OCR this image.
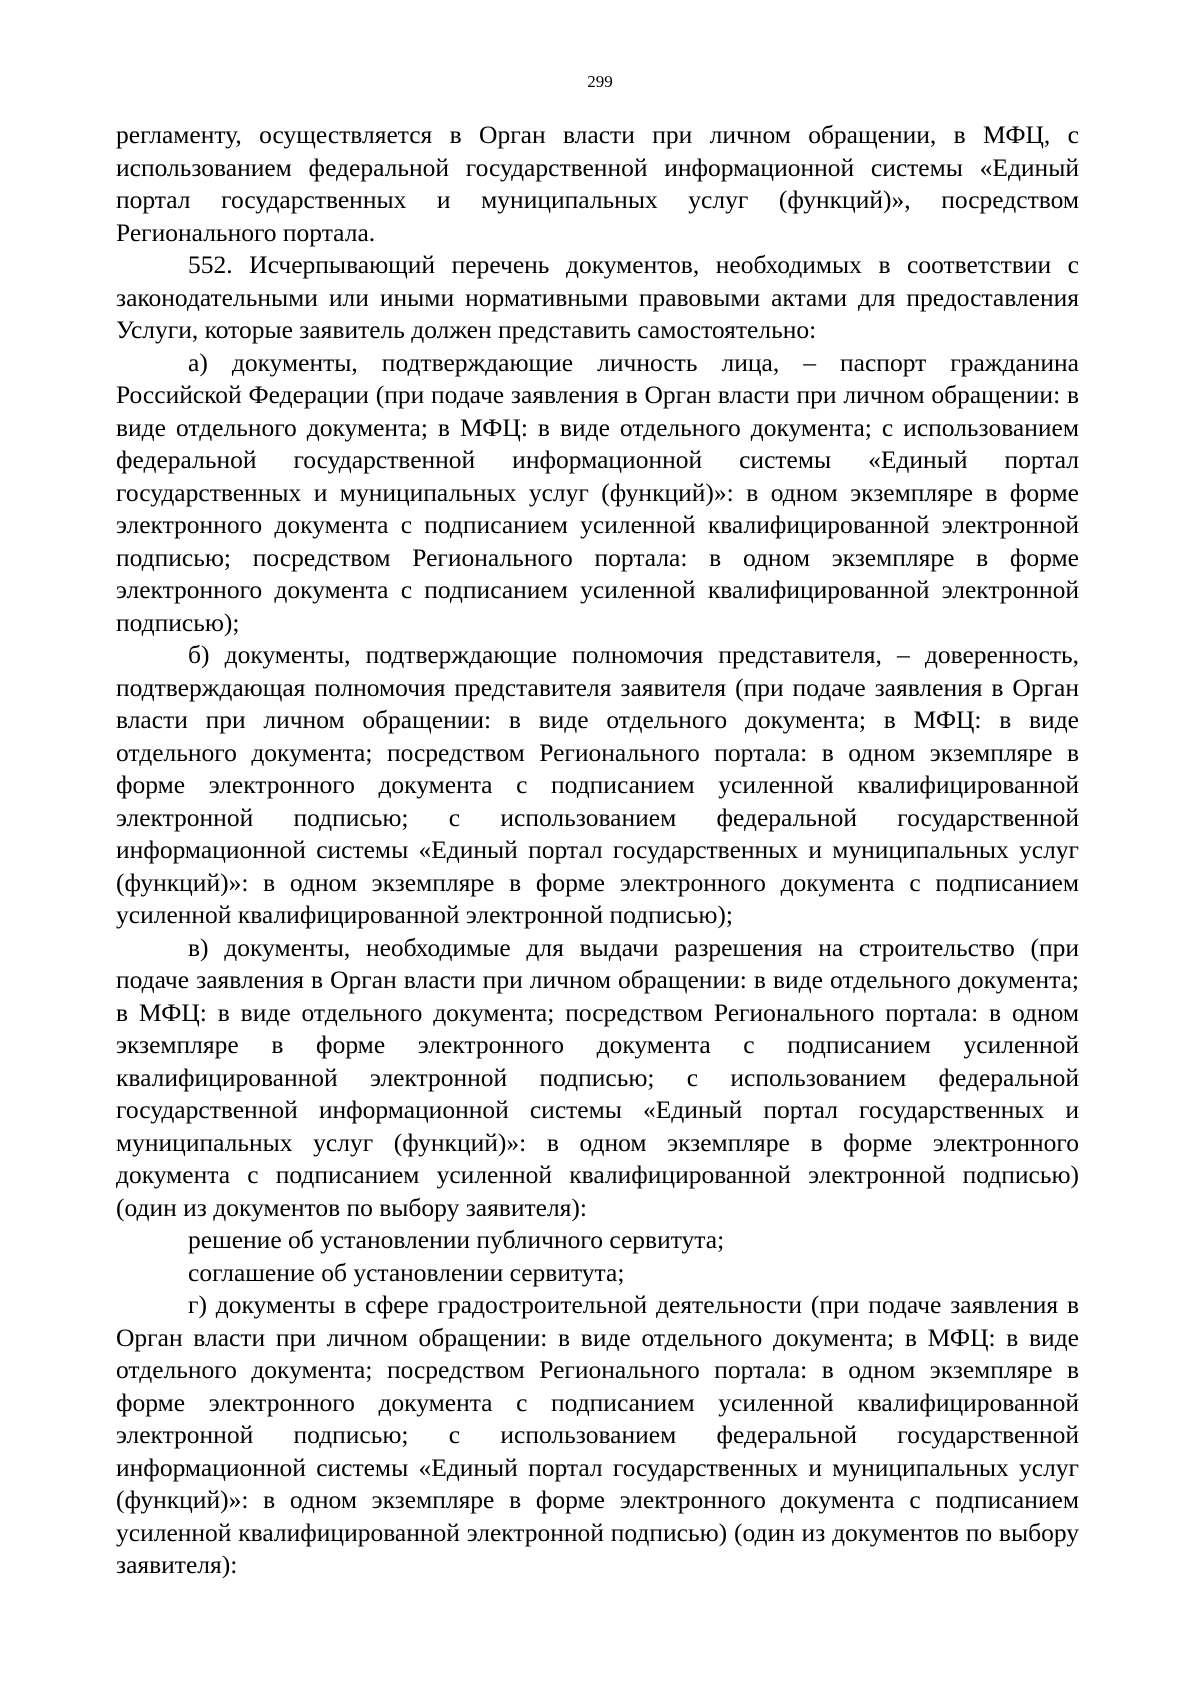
299

регламенту, осуществляется в Орган власти при личном обращении, в МФЦ, с использованием федеральной государственной информационной системы «Единый портал государственных и муниципальных услуг (функций)», посредством Регионального портала.

552. Исчерпывающий перечень документов, необходимых в соответствии с законодательными или иными нормативными правовыми актами для предоставления Услуги, которые заявитель должен представить самостоятельно:

а) документы, подтверждающие личность лица, – паспорт гражданина Российской Федерации (при подаче заявления в Орган власти при личном обращении: в виде отдельного документа; в МФЦ: в виде отдельного документа; с использованием федеральной государственной информационной системы «Единый портал государственных и муниципальных услуг (функций)»: в одном экземпляре в форме электронного документа с подписанием усиленной квалифицированной электронной подписью; посредством Регионального портала: в одном экземпляре в форме электронного документа с подписанием усиленной квалифицированной электронной подписью);

б) документы, подтверждающие полномочия представителя, – доверенность, подтверждающая полномочия представителя заявителя (при подаче заявления в Орган власти при личном обращении: в виде отдельного документа; в МФЦ: в виде отдельного документа; посредством Регионального портала: в одном экземпляре в форме электронного документа с подписанием усиленной квалифицированной электронной подписью; с использованием федеральной государственной информационной системы «Единый портал государственных и муниципальных услуг (функций)»: в одном экземпляре в форме электронного документа с подписанием усиленной квалифицированной электронной подписью);

в) документы, необходимые для выдачи разрешения на строительство (при подаче заявления в Орган власти при личном обращении: в виде отдельного документа; в МФЦ: в виде отдельного документа; посредством Регионального портала: в одном экземпляре в форме электронного документа с подписанием усиленной квалифицированной электронной подписью; с использованием федеральной государственной информационной системы «Единый портал государственных и муниципальных услуг (функций)»: в одном экземпляре в форме электронного документа с подписанием усиленной квалифицированной электронной подписью) (один из документов по выбору заявителя):

решение об установлении публичного сервитута;

соглашение об установлении сервитута;

г) документы в сфере градостроительной деятельности (при подаче заявления в Орган власти при личном обращении: в виде отдельного документа; в МФЦ: в виде отдельного документа; посредством Регионального портала: в одном экземпляре в форме электронного документа с подписанием усиленной квалифицированной электронной подписью; с использованием федеральной государственной информационной системы «Единый портал государственных и муниципальных услуг (функций)»: в одном экземпляре в форме электронного документа с подписанием усиленной квалифицированной электронной подписью) (один из документов по выбору заявителя):
